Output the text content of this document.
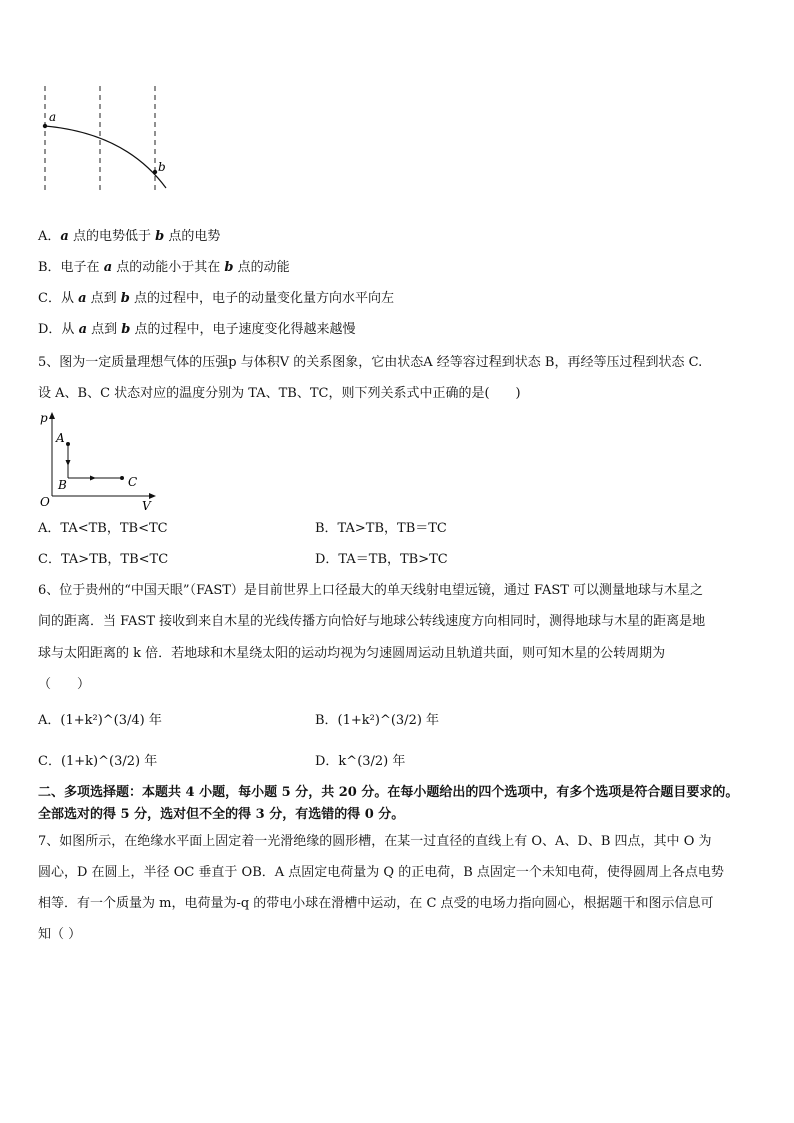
a
b
A．a 点的电势低于 b 点的电势
B．电子在 a 点的动能小于其在 b 点的动能
C．从 a 点到 b 点的过程中，电子的动量变化量方向水平向左
D．从 a 点到 b 点的过程中，电子速度变化得越来越慢
5、图为一定质量理想气体的压强p 与体积V 的关系图象，它由状态A 经等容过程到状态 B，再经等压过程到状态 C.
设 A、B、C 状态对应的温度分别为 TA、TB、TC，则下列关系式中正确的是(　　)
p
V
O
A
B	C
A．TA<TB，TB<TC	B．TA>TB，TB＝TC
C．TA>TB，TB<TC	D．TA＝TB，TB>TC
6、位于贵州的“中国天眼”（FAST）是目前世界上口径最大的单天线射电望远镜，通过 FAST 可以测量地球与木星之
间的距离．当 FAST 接收到来自木星的光线传播方向恰好与地球公转线速度方向相同时，测得地球与木星的距离是地
球与太阳距离的 k 倍．若地球和木星绕太阳的运动均视为匀速圆周运动且轨道共面，则可知木星的公转周期为
（　　）
A．(1+k²)^(3/4) 年	B．(1+k²)^(3/2) 年
C．(1+k)^(3/2) 年	D．k^(3/2) 年
二、多项选择题：本题共 4 小题，每小题 5 分，共 20 分。在每小题给出的四个选项中，有多个选项是符合题目要求的。
全部选对的得 5 分，选对但不全的得 3 分，有选错的得 0 分。
7、如图所示，在绝缘水平面上固定着一光滑绝缘的圆形槽，在某一过直径的直线上有 O、A、D、B 四点，其中 O 为
圆心，D 在圆上，半径 OC 垂直于 OB．A 点固定电荷量为 Q 的正电荷，B 点固定一个未知电荷，使得圆周上各点电势
相等．有一个质量为 m，电荷量为-q 的带电小球在滑槽中运动，在 C 点受的电场力指向圆心，根据题干和图示信息可
知（ ）
